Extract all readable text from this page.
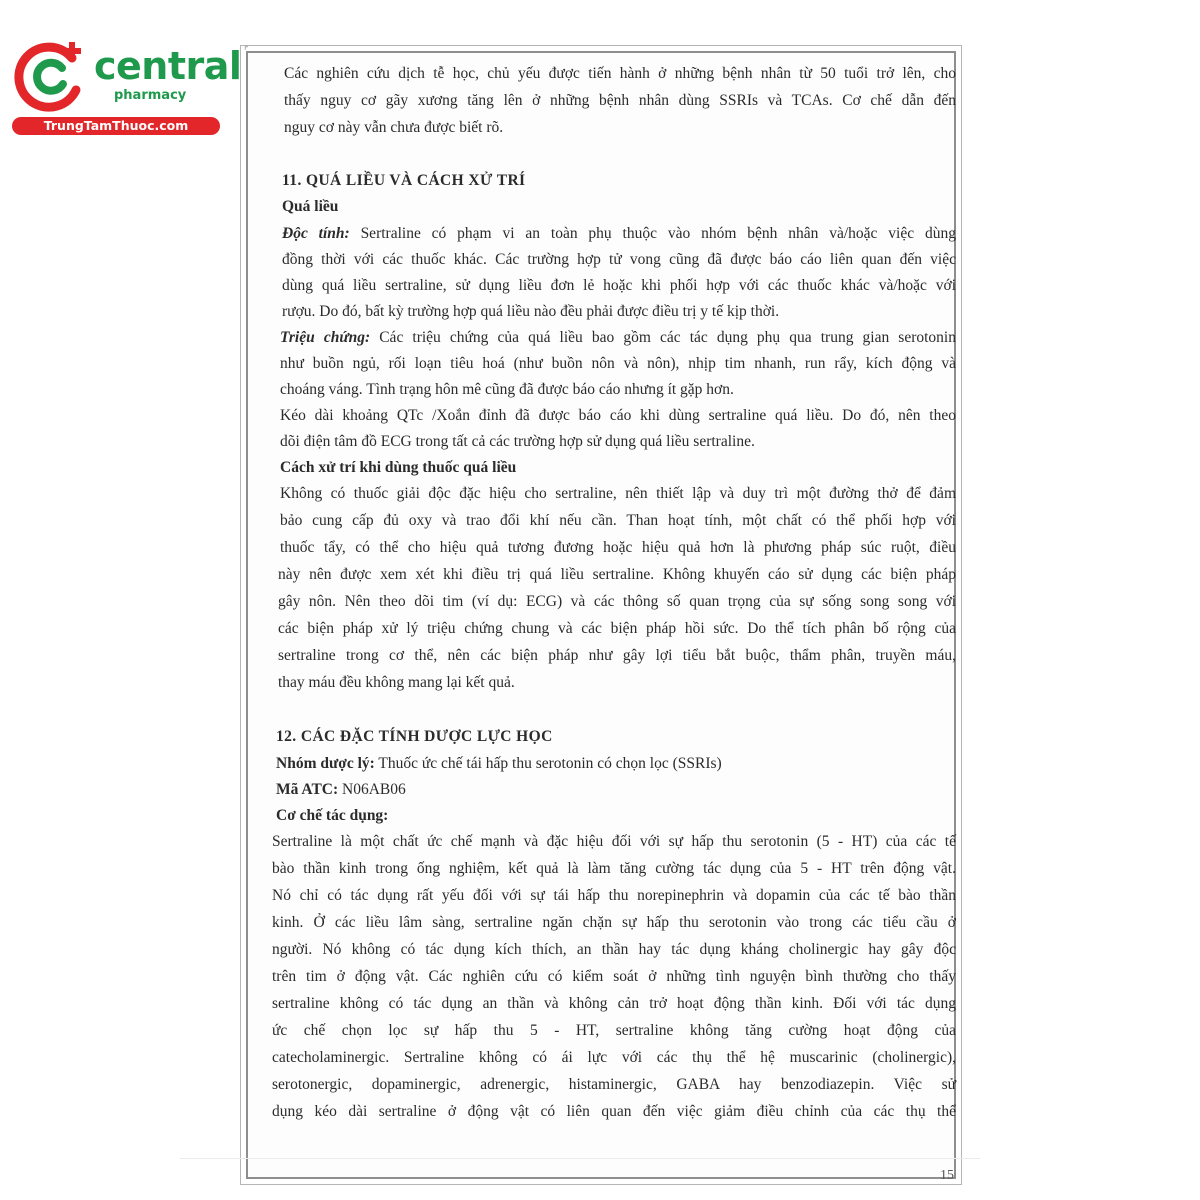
central
pharmacy
TrungTamThuoc.com
⌜
⌞	15
Các nghiên cứu dịch tễ học, chủ yếu được tiến hành ở những bệnh nhân từ 50 tuổi trở lên, cho
thấy nguy cơ gãy xương tăng lên ở những bệnh nhân dùng SSRIs và TCAs. Cơ chế dẫn đến
nguy cơ này vẫn chưa được biết rõ.
11. QUÁ LIỀU VÀ CÁCH XỬ TRÍ
Quá liều
Độc tính: Sertraline có phạm vi an toàn phụ thuộc vào nhóm bệnh nhân và/hoặc việc dùng
đồng thời với các thuốc khác. Các trường hợp tử vong cũng đã được báo cáo liên quan đến việc
dùng quá liều sertraline, sử dụng liều đơn lẻ hoặc khi phối hợp với các thuốc khác và/hoặc với
rượu. Do đó, bất kỳ trường hợp quá liều nào đều phải được điều trị y tế kịp thời.
Triệu chứng: Các triệu chứng của quá liều bao gồm các tác dụng phụ qua trung gian serotonin
như buồn ngủ, rối loạn tiêu hoá (như buồn nôn và nôn), nhịp tim nhanh, run rẩy, kích động và
choáng váng. Tình trạng hôn mê cũng đã được báo cáo nhưng ít gặp hơn.
Kéo dài khoảng QTc /Xoắn đỉnh đã được báo cáo khi dùng sertraline quá liều. Do đó, nên theo
dõi điện tâm đồ ECG trong tất cả các trường hợp sử dụng quá liều sertraline.
Cách xử trí khi dùng thuốc quá liều
Không có thuốc giải độc đặc hiệu cho sertraline, nên thiết lập và duy trì một đường thở để đảm
bảo cung cấp đủ oxy và trao đổi khí nếu cần. Than hoạt tính, một chất có thể phối hợp với
thuốc tẩy, có thể cho hiệu quả tương đương hoặc hiệu quả hơn là phương pháp súc ruột, điều
này nên được xem xét khi điều trị quá liều sertraline. Không khuyến cáo sử dụng các biện pháp
gây nôn. Nên theo dõi tim (ví dụ: ECG) và các thông số quan trọng của sự sống song song với
các biện pháp xử lý triệu chứng chung và các biện pháp hồi sức. Do thể tích phân bố rộng của
sertraline trong cơ thể, nên các biện pháp như gây lợi tiểu bắt buộc, thẩm phân, truyền máu,
thay máu đều không mang lại kết quả.
12. CÁC ĐẶC TÍNH DƯỢC LỰC HỌC
Nhóm dược lý: Thuốc ức chế tái hấp thu serotonin có chọn lọc (SSRIs)
Mã ATC: N06AB06
Cơ chế tác dụng:
Sertraline là một chất ức chế mạnh và đặc hiệu đối với sự hấp thu serotonin (5 - HT) của các tế
bào thần kinh trong ống nghiệm, kết quả là làm tăng cường tác dụng của 5 - HT trên động vật.
Nó chỉ có tác dụng rất yếu đối với sự tái hấp thu norepinephrin và dopamin của các tế bào thần
kinh. Ở các liều lâm sàng, sertraline ngăn chặn sự hấp thu serotonin vào trong các tiểu cầu ở
người. Nó không có tác dụng kích thích, an thần hay tác dụng kháng cholinergic hay gây độc
trên tim ở động vật. Các nghiên cứu có kiểm soát ở những tình nguyện bình thường cho thấy
sertraline không có tác dụng an thần và không cản trở hoạt động thần kinh. Đối với tác dụng
ức chế chọn lọc sự hấp thu 5 - HT, sertraline không tăng cường hoạt động của
catecholaminergic. Sertraline không có ái lực với các thụ thể hệ muscarinic (cholinergic),
serotonergic, dopaminergic, adrenergic, histaminergic, GABA hay benzodiazepin. Việc sử
dụng kéo dài sertraline ở động vật có liên quan đến việc giảm điều chỉnh của các thụ thể
